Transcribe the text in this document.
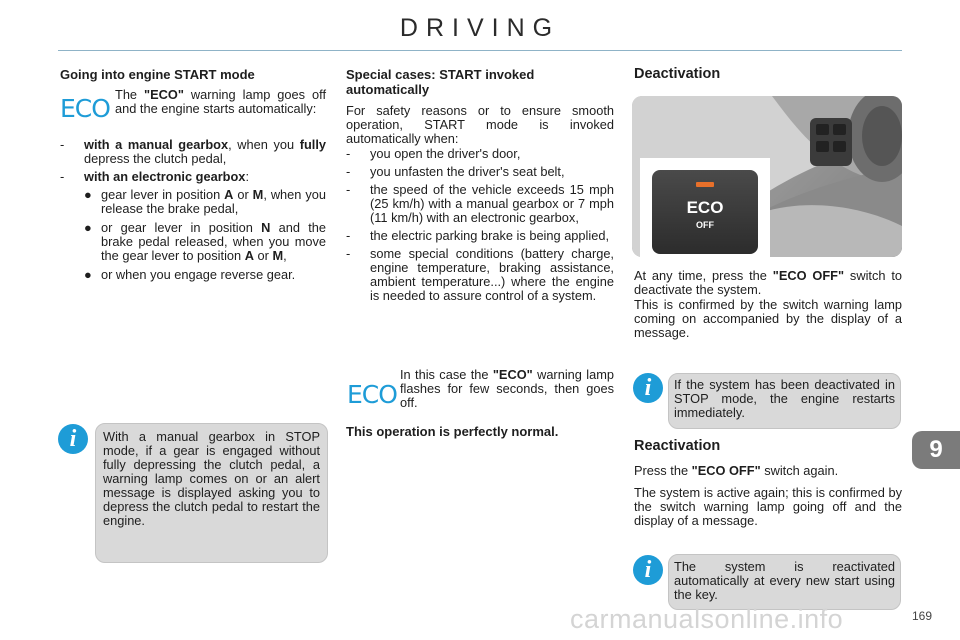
DRIVING
Going into engine START mode
ECO The "ECO" warning lamp goes off and the engine starts automatically:
- with a manual gearbox, when you fully depress the clutch pedal,
- with an electronic gearbox:
● gear lever in position A or M, when you release the brake pedal,
● or gear lever in position N and the brake pedal released, when you move the gear lever to position A or M,
● or when you engage reverse gear.
i	With a manual gearbox in STOP mode, if a gear is engaged without fully depressing the clutch pedal, a warning lamp comes on or an alert message is displayed asking you to depress the clutch pedal to restart the engine.
Special cases: START invoked automatically
For safety reasons or to ensure smooth operation, START mode is invoked automatically when:
- you open the driver's door,
- you unfasten the driver's seat belt,
- the speed of the vehicle exceeds 15 mph (25 km/h) with a manual gearbox or 7 mph (11 km/h) with an electronic gearbox,
- the electric parking brake is being applied,
- some special conditions (battery charge, engine temperature, braking assistance, ambient temperature...) where the engine is needed to assure control of a system.
ECO
In this case the "ECO" warning lamp flashes for few seconds, then goes off.
This operation is perfectly normal.
Deactivation
ECO
OFF
At any time, press the "ECO OFF" switch to deactivate the system.
This is confirmed by the switch warning lamp coming on accompanied by the display of a message.
i	If the system has been deactivated in STOP mode, the engine restarts immediately.
Reactivation
Press the "ECO OFF" switch again.
The system is active again; this is confirmed by the switch warning lamp going off and the display of a message.
i	The system is reactivated automatically at every new start using the key.
9
carmanualsonline.info	169
